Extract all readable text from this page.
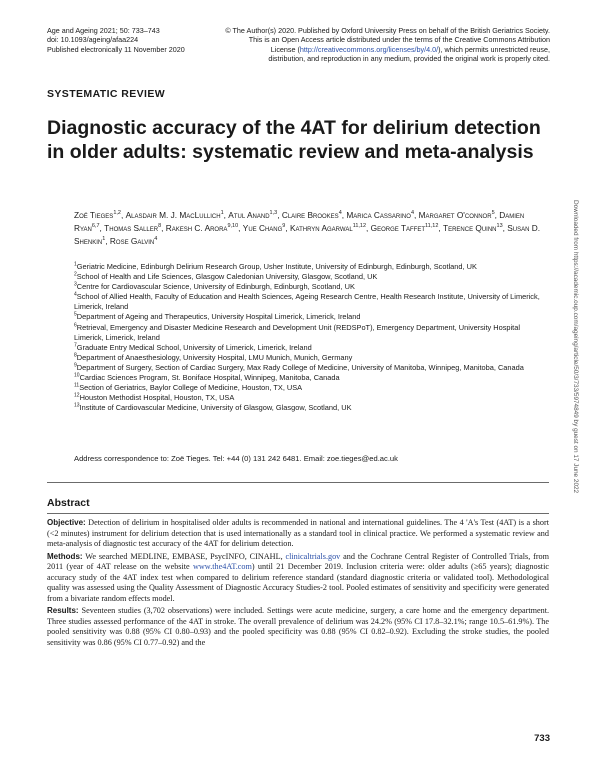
Age and Ageing 2021; 50: 733–743
doi: 10.1093/ageing/afaa224
Published electronically 11 November 2020
© The Author(s) 2020. Published by Oxford University Press on behalf of the British Geriatrics Society.
This is an Open Access article distributed under the terms of the Creative Commons Attribution
License (http://creativecommons.org/licenses/by/4.0/), which permits unrestricted reuse,
distribution, and reproduction in any medium, provided the original work is properly cited.
SYSTEMATIC REVIEW
Diagnostic accuracy of the 4AT for delirium detection in older adults: systematic review and meta-analysis
Zoë Tieges$^{1,2}$, Alasdair M. J. MacLullich$^1$, Atul Anand$^{1,3}$, Claire Brookes$^4$, Marica Cassarino$^4$, Margaret O'connor$^5$, Damien Ryan$^{6,7}$, Thomas Saller$^8$, Rakesh C. Arora$^{9,10}$, Yue Chang$^9$, Kathryn Agarwal$^{11,12}$, George Taffet$^{11,12}$, Terence Quinn$^{13}$, Susan D. Shenkin$^1$, Rose Galvin$^4$
$^1$Geriatric Medicine, Edinburgh Delirium Research Group, Usher Institute, University of Edinburgh, Edinburgh, Scotland, UK
$^2$School of Health and Life Sciences, Glasgow Caledonian University, Glasgow, Scotland, UK
$^3$Centre for Cardiovascular Science, University of Edinburgh, Edinburgh, Scotland, UK
$^4$School of Allied Health, Faculty of Education and Health Sciences, Ageing Research Centre, Health Research Institute, University of Limerick, Limerick, Ireland
$^5$Department of Ageing and Therapeutics, University Hospital Limerick, Limerick, Ireland
$^6$Retrieval, Emergency and Disaster Medicine Research and Development Unit (REDSPoT), Emergency Department, University Hospital Limerick, Limerick, Ireland
$^7$Graduate Entry Medical School, University of Limerick, Limerick, Ireland
$^8$Department of Anaesthesiology, University Hospital, LMU Munich, Munich, Germany
$^9$Department of Surgery, Section of Cardiac Surgery, Max Rady College of Medicine, University of Manitoba, Winnipeg, Manitoba, Canada
$^{10}$Cardiac Sciences Program, St. Boniface Hospital, Winnipeg, Manitoba, Canada
$^{11}$Section of Geriatrics, Baylor College of Medicine, Houston, TX, USA
$^{12}$Houston Methodist Hospital, Houston, TX, USA
$^{13}$Institute of Cardiovascular Medicine, University of Glasgow, Glasgow, Scotland, UK
Address correspondence to: Zoë Tieges. Tel: +44 (0) 131 242 6481. Email: zoe.tieges@ed.ac.uk
Abstract

Objective: Detection of delirium in hospitalised older adults is recommended in national and international guidelines. The 4 'A's Test (4AT) is a short (<2 minutes) instrument for delirium detection that is used internationally as a standard tool in clinical practice. We performed a systematic review and meta-analysis of diagnostic test accuracy of the 4AT for delirium detection.

Methods: We searched MEDLINE, EMBASE, PsycINFO, CINAHL, clinicaltrials.gov and the Cochrane Central Register of Controlled Trials, from 2011 (year of 4AT release on the website www.the4AT.com) until 21 December 2019. Inclusion criteria were: older adults (≥65 years); diagnostic accuracy study of the 4AT index test when compared to delirium reference standard (standard diagnostic criteria or validated tool). Methodological quality was assessed using the Quality Assessment of Diagnostic Accuracy Studies-2 tool. Pooled estimates of sensitivity and specificity were generated from a bivariate random effects model.

Results: Seventeen studies (3,702 observations) were included. Settings were acute medicine, surgery, a care home and the emergency department. Three studies assessed performance of the 4AT in stroke. The overall prevalence of delirium was 24.2% (95% CI 17.8–32.1%; range 10.5–61.9%). The pooled sensitivity was 0.88 (95% CI 0.80–0.93) and the pooled specificity was 0.88 (95% CI 0.82–0.92). Excluding the stroke studies, the pooled sensitivity was 0.86 (95% CI 0.77–0.92) and the

Downloaded from https://academic.oup.com/ageing/article/50/3/733/5974849 by guest on 17 June 2022
733
